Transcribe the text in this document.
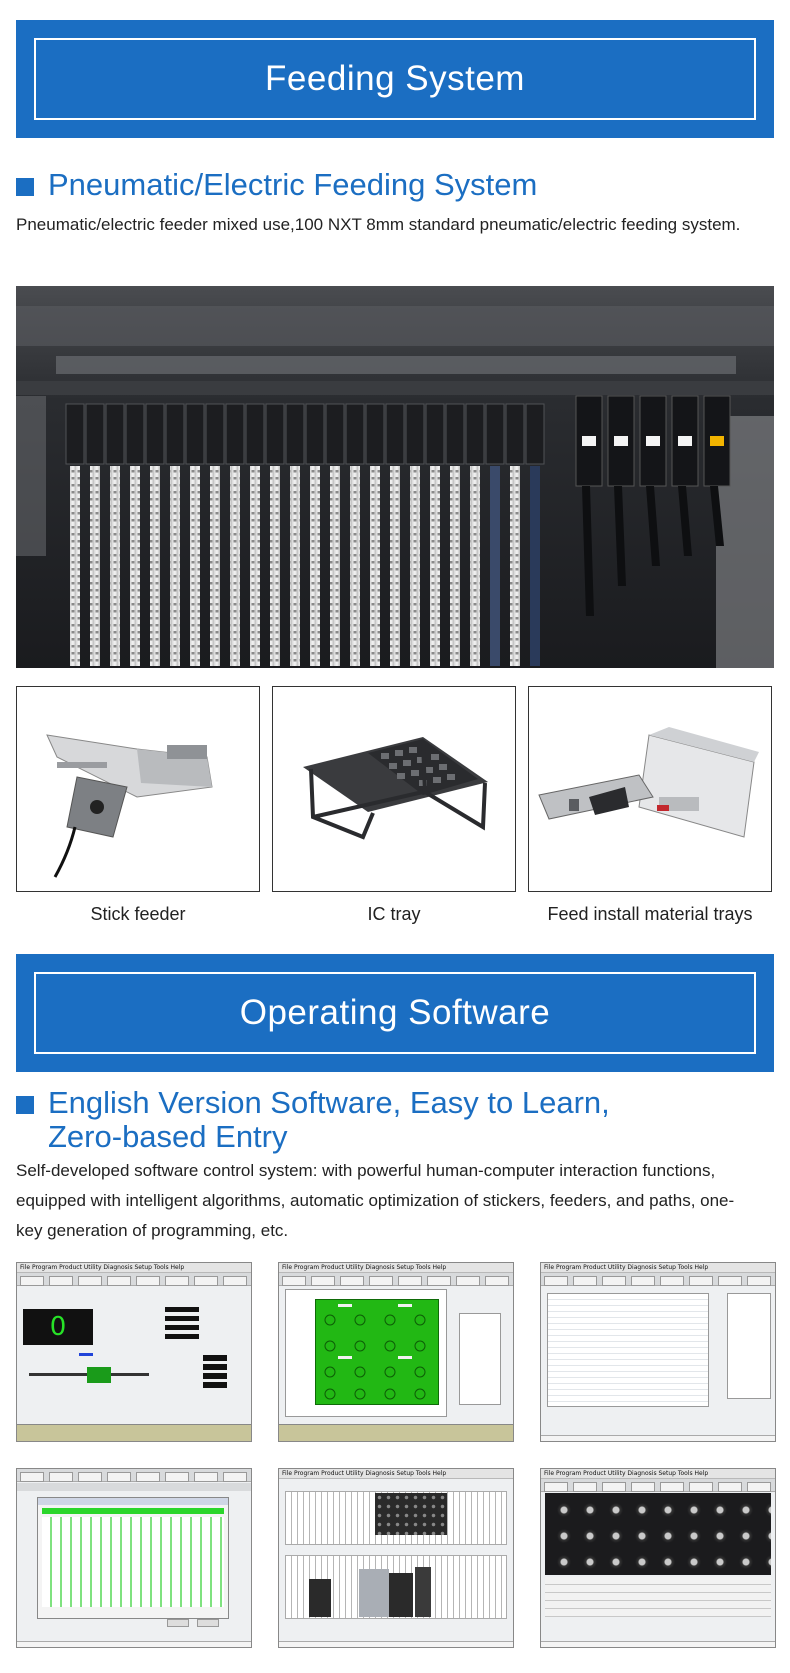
Feeding System
Pneumatic/Electric Feeding System
Pneumatic/electric feeder mixed use,100 NXT 8mm standard pneumatic/electric feeding system.
Stick feeder	IC tray	Feed install material trays
Operating Software
English Version Software, Easy to Learn,
Zero-based Entry
Self-developed software control system: with powerful human-computer interaction functions, equipped with intelligent algorithms, automatic optimization of stickers, feeders, and paths, one-key generation of programming, etc.
File Program Product Utility Diagnosis Setup Tools Help
0
File Program Product Utility Diagnosis Setup Tools Help	File Program Product Utility Diagnosis Setup Tools Help
File Program Product Utility Diagnosis Setup Tools Help	File Program Product Utility Diagnosis Setup Tools Help
